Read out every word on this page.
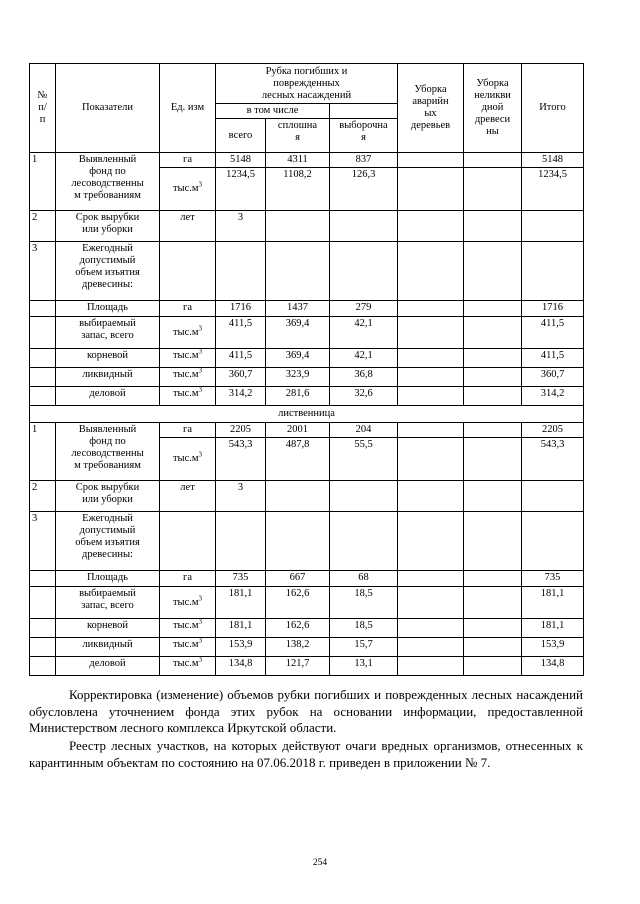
№
п/
п	Показатели	Ед. изм	Рубка погибших и
поврежденных
лесных насаждений			Уборка
аварийн
ых
деревьев	Уборка
неликви
дной
древеси
ны	Итого
			в том числе					
			всего	сплошна
я	выборочна
я			
1	Выявленный
фонд по
лесоводственны
м требованиям	га	5148	4311	837			5148
		$тыс.м^3$	1234,5	1108,2	126,3			1234,5
2	Срок вырубки
или уборки	лет	3					
3	Ежегодный
допустимый
объем изъятия
древесины:							
	Площадь	га	1716	1437	279			1716
	выбираемый
запас, всего	$тыс.м^3$	411,5	369,4	42,1			411,5
	корневой	$тыс.м^3$	411,5	369,4	42,1			411,5
	ликвидный	$тыс.м^3$	360,7	323,9	36,8			360,7
	деловой	$тыс.м^3$	314,2	281,6	32,6			314,2
лиственница								
1	Выявленный
фонд по
лесоводственны
м требованиям	га	2205	2001	204			2205
		$тыс.м^3$	543,3	487,8	55,5			543,3
2	Срок вырубки
или уборки	лет	3					
3	Ежегодный
допустимый
объем изъятия
древесины:							
	Площадь	га	735	667	68			735
	выбираемый
запас, всего	$тыс.м^3$	181,1	162,6	18,5			181,1
	корневой	$тыс.м^3$	181,1	162,6	18,5			181,1
	ликвидный	$тыс.м^3$	153,9	138,2	15,7			153,9
	деловой	$тыс.м^3$	134,8	121,7	13,1			134,8

Корректировка (изменение) объемов рубки погибших и поврежденных лесных насаждений обусловлена уточнением фонда этих рубок на основании информации, предоставленной Министерством лесного комплекса Иркутской области.

Реестр лесных участков, на которых действуют очаги вредных организмов, отнесенных к карантинным объектам по состоянию на 07.06.2018 г. приведен в приложении № 7.

254
